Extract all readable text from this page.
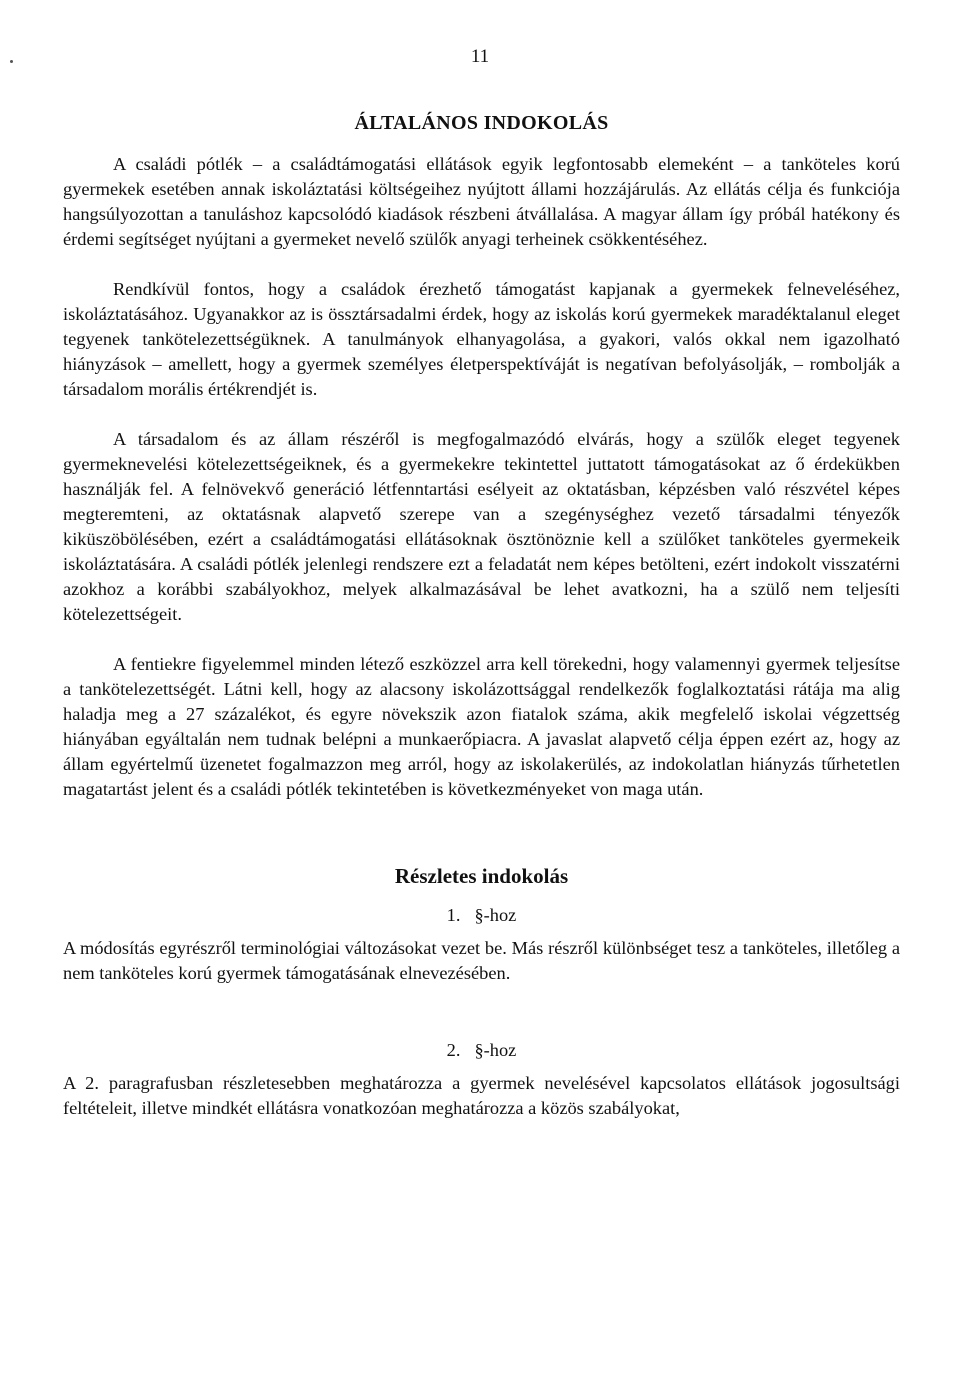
11
ÁLTALÁNOS INDOKOLÁS

A családi pótlék – a családtámogatási ellátások egyik legfontosabb elemeként – a tanköteles korú gyermekek esetében annak iskoláztatási költségeihez nyújtott állami hozzájárulás. Az ellátás célja és funkciója hangsúlyozottan a tanuláshoz kapcsolódó kiadások részbeni átvállalása. A magyar állam így próbál hatékony és érdemi segítséget nyújtani a gyermeket nevelő szülők anyagi terheinek csökkentéséhez.

Rendkívül fontos, hogy a családok érezhető támogatást kapjanak a gyermekek felneveléséhez, iskoláztatásához. Ugyanakkor az is össztársadalmi érdek, hogy az iskolás korú gyermekek maradéktalanul eleget tegyenek tankötelezettségüknek. A tanulmányok elhanyagolása, a gyakori, valós okkal nem igazolható hiányzások – amellett, hogy a gyermek személyes életperspektíváját is negatívan befolyásolják, – rombolják a társadalom morális értékrendjét is.

A társadalom és az állam részéről is megfogalmazódó elvárás, hogy a szülők eleget tegyenek gyermeknevelési kötelezettségeiknek, és a gyermekekre tekintettel juttatott támogatásokat az ő érdekükben használják fel. A felnövekvő generáció létfenntartási esélyeit az oktatásban, képzésben való részvétel képes megteremteni, az oktatásnak alapvető szerepe van a szegénységhez vezető társadalmi tényezők kiküszöbölésében, ezért a családtámogatási ellátásoknak ösztönöznie kell a szülőket tanköteles gyermekeik iskoláztatására. A családi pótlék jelenlegi rendszere ezt a feladatát nem képes betölteni, ezért indokolt visszatérni azokhoz a korábbi szabályokhoz, melyek alkalmazásával be lehet avatkozni, ha a szülő nem teljesíti kötelezettségeit.

A fentiekre figyelemmel minden létező eszközzel arra kell törekedni, hogy valamennyi gyermek teljesítse a tankötelezettségét. Látni kell, hogy az alacsony iskolázottsággal rendelkezők foglalkoztatási rátája ma alig haladja meg a 27 százalékot, és egyre növekszik azon fiatalok száma, akik megfelelő iskolai végzettség hiányában egyáltalán nem tudnak belépni a munkaerőpiacra. A javaslat alapvető célja éppen ezért az, hogy az állam egyértelmű üzenetet fogalmazzon meg arról, hogy az iskolakerülés, az indokolatlan hiányzás tűrhetetlen magatartást jelent és a családi pótlék tekintetében is következményeket von maga után.

Részletes indokolás
1. §-hoz

A módosítás egyrészről terminológiai változásokat vezet be. Más részről különbséget tesz a tanköteles, illetőleg a nem tanköteles korú gyermek támogatásának elnevezésében.

2. §-hoz

A 2. paragrafusban részletesebben meghatározza a gyermek nevelésével kapcsolatos ellátások jogosultsági feltételeit, illetve mindkét ellátásra vonatkozóan meghatározza a közös szabályokat,
